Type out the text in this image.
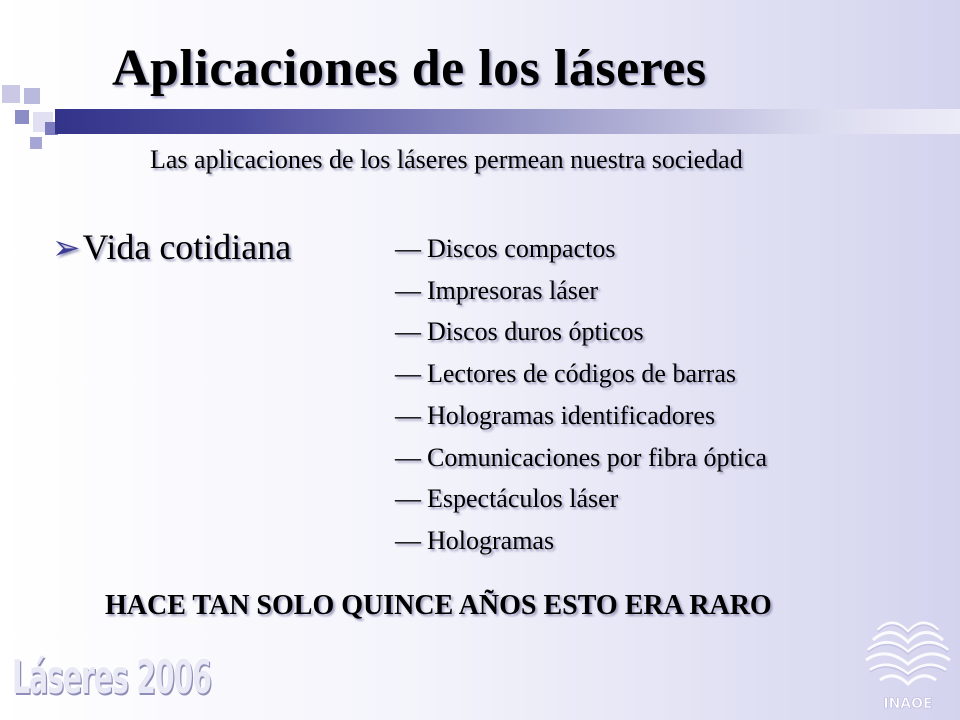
Aplicaciones de los láseres
Las aplicaciones de los láseres permean nuestra sociedad
➢Vida cotidiana	— Discos compactos
— Impresoras láser
— Discos duros ópticos
— Lectores de códigos de barras
— Hologramas identificadores
— Comunicaciones por fibra óptica
— Espectáculos láser
— Hologramas
HACE TAN SOLO QUINCE AÑOS ESTO ERA RARO
Láseres 2006	INAOE
